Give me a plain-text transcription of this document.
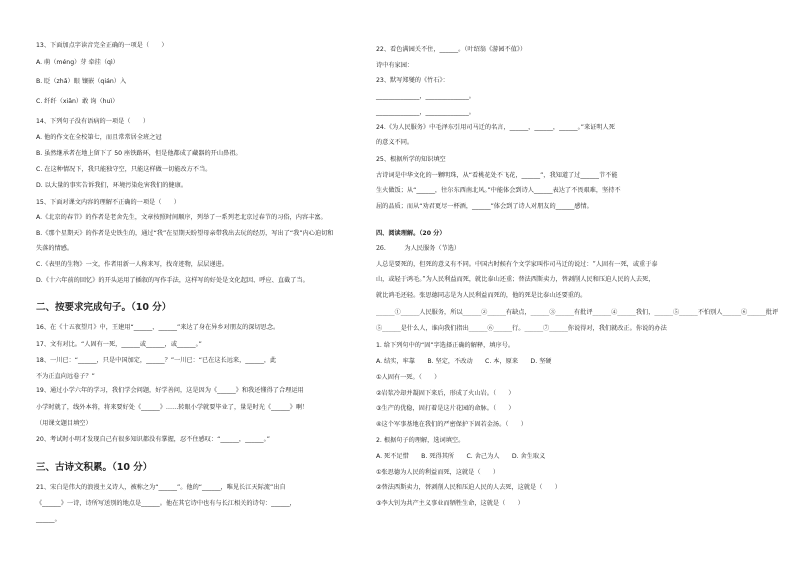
13、下面加点字读音完全正确的一项是（　　）
A. 萌（méng）芽 牵挂（qì）
B. 眨（zhǎ）眼 镶嵌（qián）入
C. 纤纤（xiān）敢 询（huì）
14、下列句子没有语病的一项是（　　）
A. 他的作文在全校第七，而且常常居全班之冠
B. 虽然继承者在地上留下了 50 座铁路环，但是他都成了藏器的开山鼻祖。
C. 在这种情况下，我只能独守空，只能这样做一切能改方不当。
D. 以大量的事实告诉我们，环境污染危害我们的健康。
15、下面对课文内容的理解不正确的一项是（　　）
A.《北京的春节》的作者是老舍先生，文章按照时间顺序，列举了一系列老北京过春节的习俗，内容丰富。
B.《那个星期天》的作者是史铁生的，通过“我”在星期天盼望母亲带我出去玩的经历，写出了“我”内心迫切和
失落的情感。
C.《表里的生物》一文，作者用新一人称来写，找奇迹物，层层递进。
D.《十六年前的回忆》的开头运用了插叙的写作手法，这样写的好处是文化起因、呼应、直截了当。
二、按要求完成句子。（10 分）
16、在《十五夜望月》中，王建用“______、______”来达了身在异乡对朋友的深切思念。
17、文有对比。“人固有一死，______或______，或______。”
18、一川已：“______，只是中国加定，______？”一川已：“已在这长远来，______，此
不为正直向远卷子？”
19、通过小学六年的学习，我们学会问题，好学善问，这是因为《______》和我还懂得了合理运用
小学时就了，线外本将，将来要好处《______》……转眼小学就要毕业了，量是时光《______》啊！
（用课文题目填空）
20、考试时小明才发现自己有很多知识都没有掌握，忍不住感叹：“______，______。”
三、古诗文积累。（10 分）
21、宋白是伟大的浪漫主义诗人，被称之为“______”。他的“______，唯见长江天际流”出自
《______》一诗，诗所写送别的地点是______。他在其它诗中也有与长江相关的诗句：______，
______。
22、看色满园关不住，______。（叶绍翁《游园不值》）
诗中有家园：
23、默写郑燮的《竹石》：
______________，______________。
______________，______________。
24.《为人民服务》中毛泽东引用司马迁的名言，______，______，______。”来证明人死
的意义不同。
25、根据所学的知识填空
古诗词是中华文化的一颗明珠，从“看桃花处不飞花，______”，我知道了过______节不能
生火做饭；从“______，往尔东西南北风。”中能体会到诗人______表达了不畏艰难，坚持不
屈的品质；而从“劝君更尽一杯酒，______”体会到了诗人对朋友的______感情。
四、阅读理解。（20 分）
26.　　　为人民服务（节选）
人总是要死的，但死的意义有不同。中国古时候有个文学家叫作司马迁的说过：“人固有一死，或重于泰
山，或轻于鸿毛。”为人民利益而死，就比泰山还重；替法西斯卖力，替剥削人民和压迫人民的人去死，
就比鸿毛还轻。张思德同志是为人民利益而死的，他的死是比泰山还要重的。
______①______人民服务，所以______②______有缺点，______③______有批评______④______我们，______⑤______不怕别人______⑥______批评
⑤______是什么人，谁向我们指出______⑥______行。______⑦______你说得对，我们就改正。你说的办法
1. 给下列句中的“固”字选择正确的解释，填序号。
A. 结实，牢靠　　B. 坚定，不改动　　C. 本，原来　　D. 坚硬
①人固有一死。（　　）
②岩浆冷却并凝固下来后，形成了火山岩。（　　）
③生产的优稳，固打着是这片花园的命脉。（　　）
④这个军事基地在我们的严密保护下固若金汤。（　　）
2. 根据句子的理解，选词填空。
A. 死不足惜　　B. 死得其所　　C. 舍己为人　　D. 舍生取义
①张思德为人民的利益而死，这就是（　　）
②替法西斯卖力，替剥削人民和压迫人民的人去死，这就是（　　）
③李大钊为共产主义事业而牺牲生命，这就是（　　）
